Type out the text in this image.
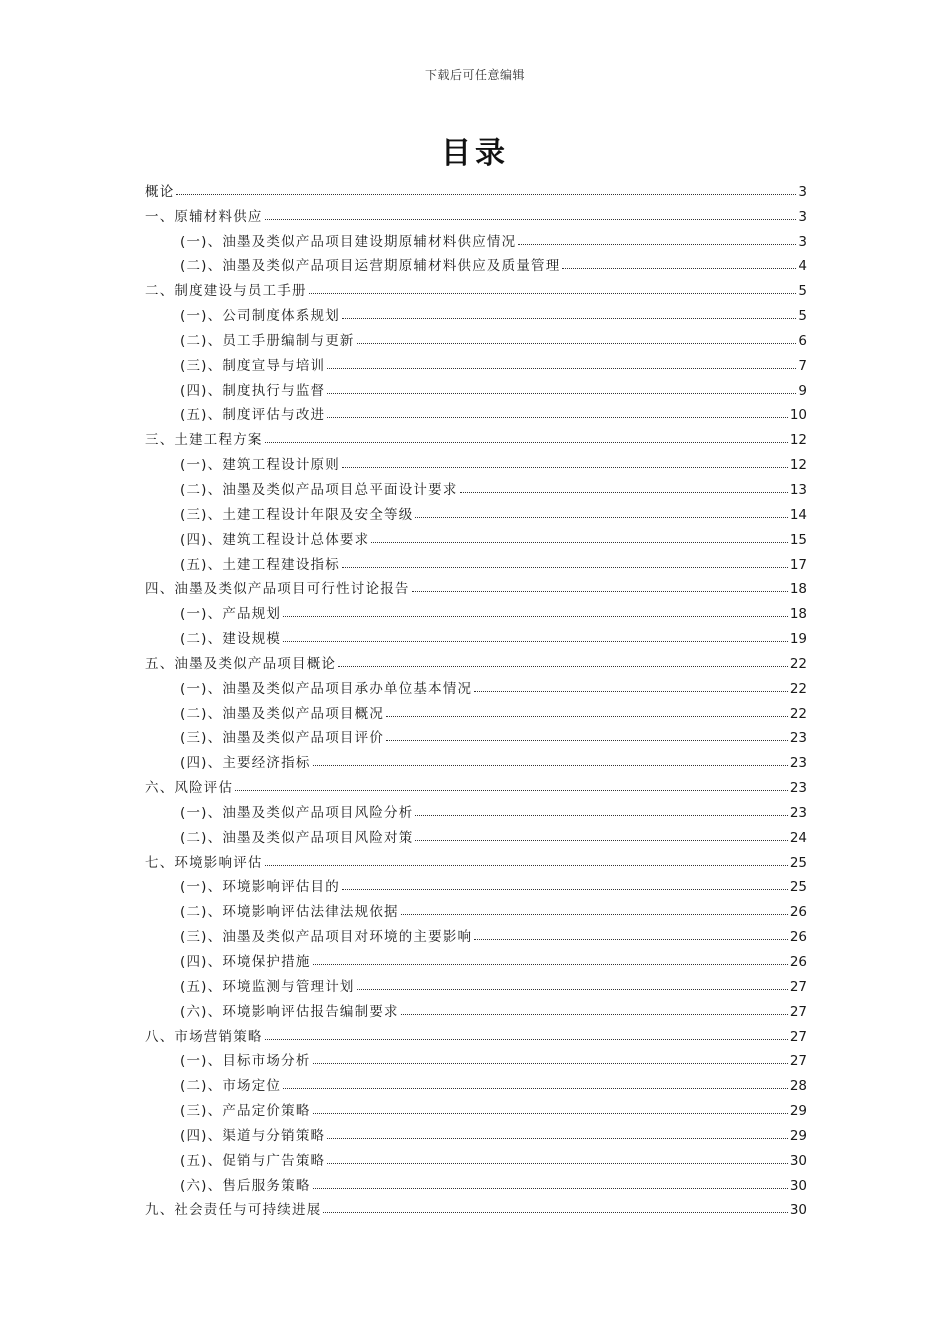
下载后可任意编辑
目录
概论	3
一、原辅材料供应	3
(一)、油墨及类似产品项目建设期原辅材料供应情况	3
(二)、油墨及类似产品项目运营期原辅材料供应及质量管理	4
二、制度建设与员工手册	5
(一)、公司制度体系规划	5
(二)、员工手册编制与更新	6
(三)、制度宣导与培训	7
(四)、制度执行与监督	9
(五)、制度评估与改进	10
三、土建工程方案	12
(一)、建筑工程设计原则	12
(二)、油墨及类似产品项目总平面设计要求	13
(三)、土建工程设计年限及安全等级	14
(四)、建筑工程设计总体要求	15
(五)、土建工程建设指标	17
四、油墨及类似产品项目可行性讨论报告	18
(一)、产品规划	18
(二)、建设规模	19
五、油墨及类似产品项目概论	22
(一)、油墨及类似产品项目承办单位基本情况	22
(二)、油墨及类似产品项目概况	22
(三)、油墨及类似产品项目评价	23
(四)、主要经济指标	23
六、风险评估	23
(一)、油墨及类似产品项目风险分析	23
(二)、油墨及类似产品项目风险对策	24
七、环境影响评估	25
(一)、环境影响评估目的	25
(二)、环境影响评估法律法规依据	26
(三)、油墨及类似产品项目对环境的主要影响	26
(四)、环境保护措施	26
(五)、环境监测与管理计划	27
(六)、环境影响评估报告编制要求	27
八、市场营销策略	27
(一)、目标市场分析	27
(二)、市场定位	28
(三)、产品定价策略	29
(四)、渠道与分销策略	29
(五)、促销与广告策略	30
(六)、售后服务策略	30
九、社会责任与可持续进展	30
